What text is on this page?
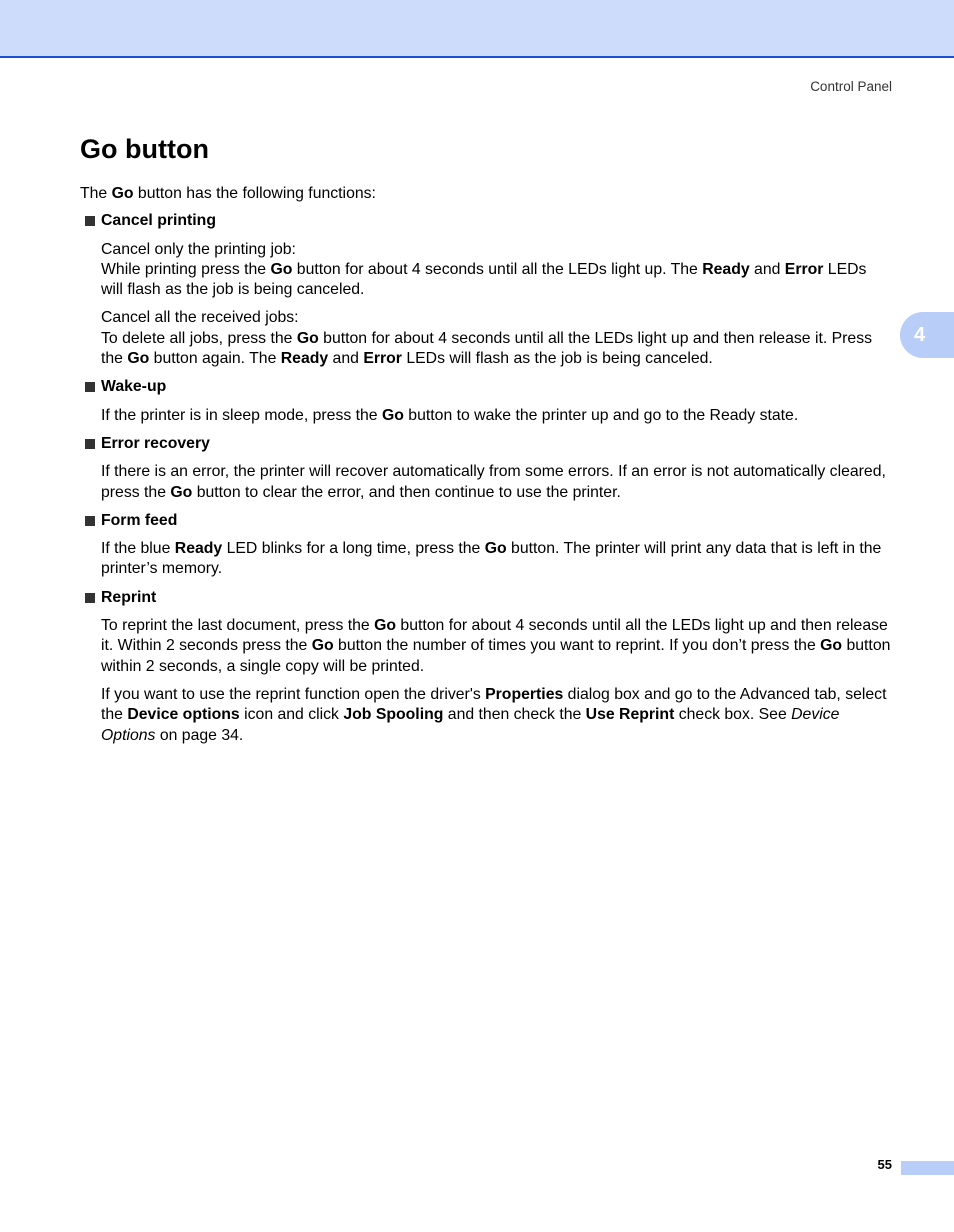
Control Panel
4
Go button

The Go button has the following functions:

Cancel printing
Cancel only the printing job:
While printing press the Go button for about 4 seconds until all the LEDs light up. The Ready and Error LEDs will flash as the job is being canceled.
Cancel all the received jobs:
To delete all jobs, press the Go button for about 4 seconds until all the LEDs light up and then release it. Press the Go button again. The Ready and Error LEDs will flash as the job is being canceled.
Wake-up
If the printer is in sleep mode, press the Go button to wake the printer up and go to the Ready state.
Error recovery
If there is an error, the printer will recover automatically from some errors. If an error is not automatically cleared, press the Go button to clear the error, and then continue to use the printer.
Form feed
If the blue Ready LED blinks for a long time, press the Go button. The printer will print any data that is left in the printer’s memory.
Reprint
To reprint the last document, press the Go button for about 4 seconds until all the LEDs light up and then release it. Within 2 seconds press the Go button the number of times you want to reprint. If you don’t press the Go button within 2 seconds, a single copy will be printed.
If you want to use the reprint function open the driver's Properties dialog box and go to the Advanced tab, select the Device options icon and click Job Spooling and then check the Use Reprint check box. See Device Options on page 34.
55
